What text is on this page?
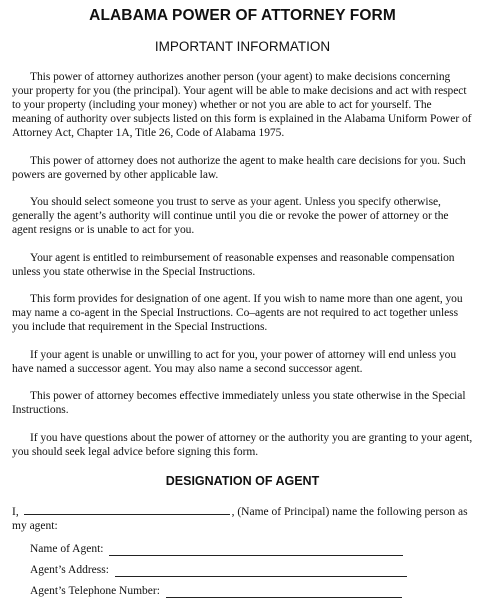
ALABAMA POWER OF ATTORNEY FORM
IMPORTANT INFORMATION

This power of attorney authorizes another person (your agent) to make decisions concerning your property for you (the principal). Your agent will be able to make decisions and act with respect to your property (including your money) whether or not you are able to act for yourself. The meaning of authority over subjects listed on this form is explained in the Alabama Uniform Power of Attorney Act, Chapter 1A, Title 26, Code of Alabama 1975.

This power of attorney does not authorize the agent to make health care decisions for you. Such powers are governed by other applicable law.

You should select someone you trust to serve as your agent. Unless you specify otherwise, generally the agent’s authority will continue until you die or revoke the power of attorney or the agent resigns or is unable to act for you.

Your agent is entitled to reimbursement of reasonable expenses and reasonable compensation unless you state otherwise in the Special Instructions.

This form provides for designation of one agent. If you wish to name more than one agent, you may name a co-agent in the Special Instructions. Co–agents are not required to act together unless you include that requirement in the Special Instructions.

If your agent is unable or unwilling to act for you, your power of attorney will end unless you have named a successor agent. You may also name a second successor agent.

This power of attorney becomes effective immediately unless you state otherwise in the Special Instructions.

If you have questions about the power of attorney or the authority you are granting to your agent, you should seek legal advice before signing this form.

DESIGNATION OF AGENT
I,	, (Name of Principal) name the following person as my agent:
Name of Agent:
Agent’s Address:
Agent’s Telephone Number:
